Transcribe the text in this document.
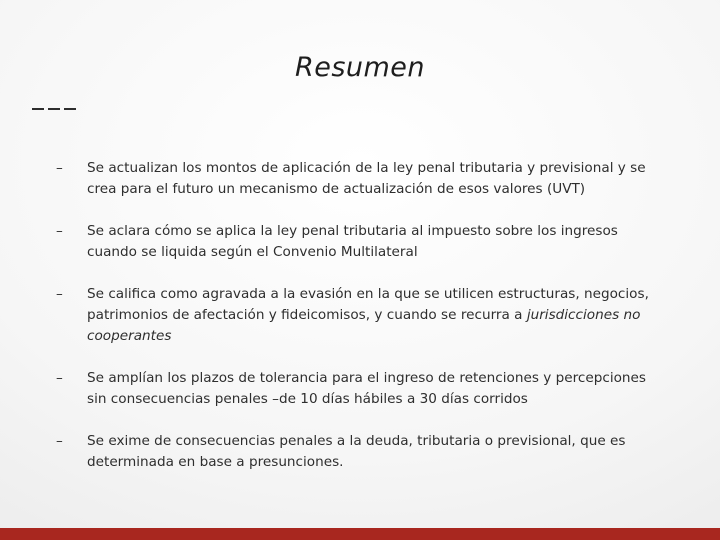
Resumen
– Se actualizan los montos de aplicación de la ley penal tributaria y previsional y se crea para el futuro un mecanismo de actualización de esos valores (UVT)
– Se aclara cómo se aplica la ley penal tributaria al impuesto sobre los ingresos cuando se liquida según el Convenio Multilateral
– Se califica como agravada a la evasión en la que se utilicen estructuras, negocios, patrimonios de afectación y fideicomisos, y cuando se recurra a jurisdicciones no cooperantes
– Se amplían los plazos de tolerancia para el ingreso de retenciones y percepciones sin consecuencias penales –de 10 días hábiles a 30 días corridos
– Se exime de consecuencias penales a la deuda, tributaria o previsional, que es determinada en base a presunciones.
